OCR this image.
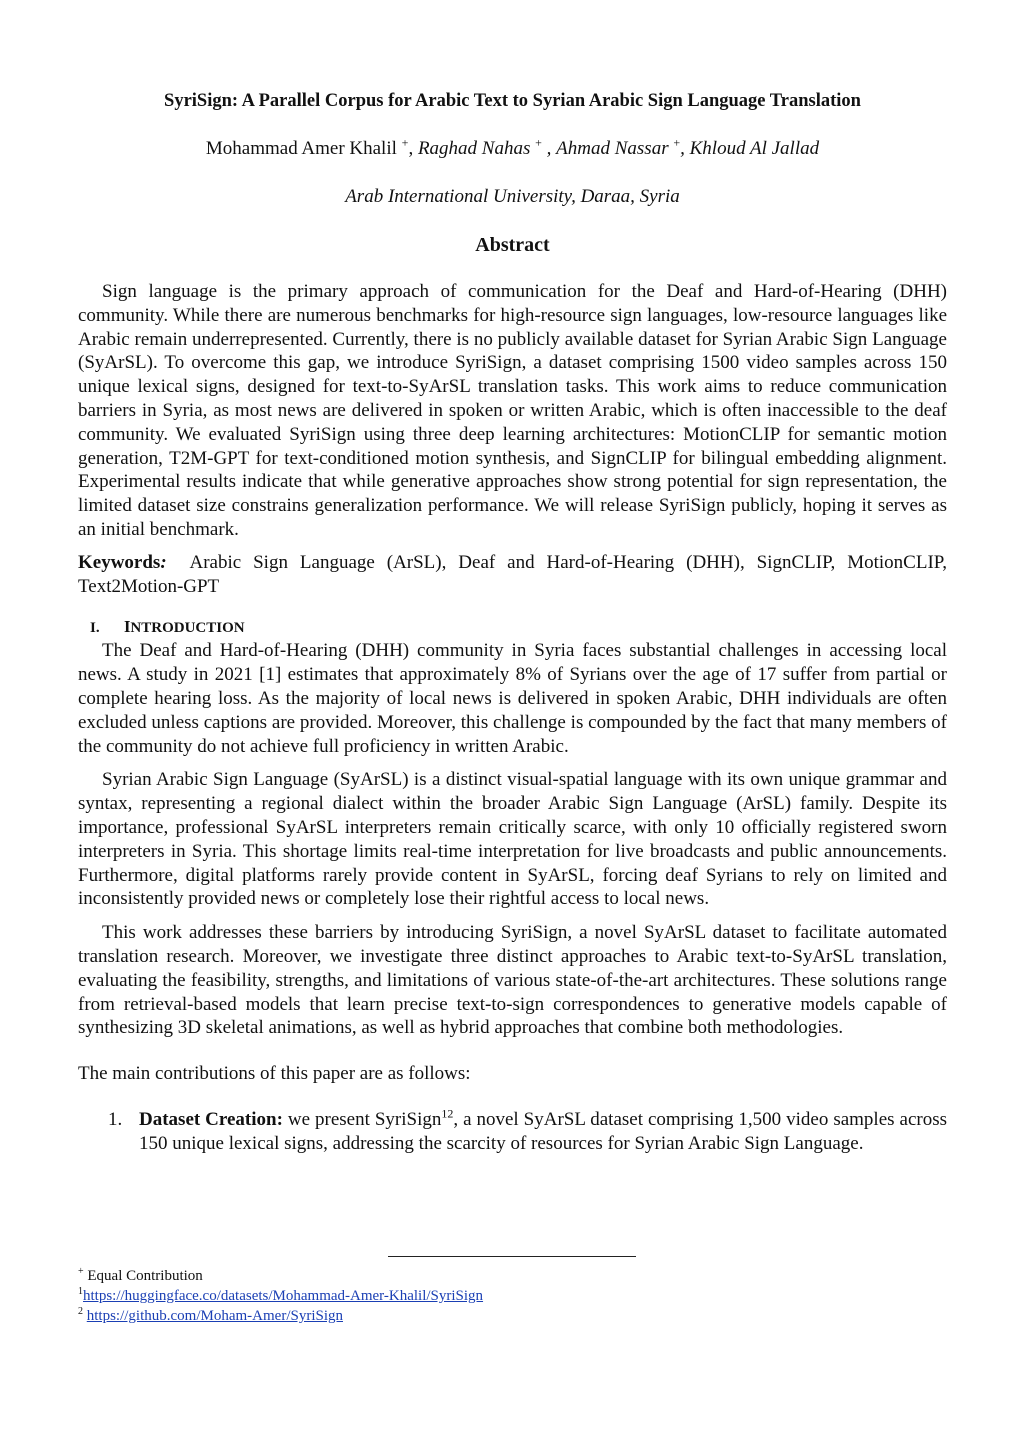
SyriSign: A Parallel Corpus for Arabic Text to Syrian Arabic Sign Language Translation
Mohammad Amer Khalil +, Raghad Nahas + , Ahmad Nassar +, Khloud Al Jallad
Arab International University, Daraa, Syria
Abstract

Sign language is the primary approach of communication for the Deaf and Hard-of-Hearing (DHH) community. While there are numerous benchmarks for high-resource sign languages, low-resource languages like Arabic remain underrepresented. Currently, there is no publicly available dataset for Syrian Arabic Sign Language (SyArSL). To overcome this gap, we introduce SyriSign, a dataset comprising 1500 video samples across 150 unique lexical signs, designed for text-to-SyArSL translation tasks. This work aims to reduce communication barriers in Syria, as most news are delivered in spoken or written Arabic, which is often inaccessible to the deaf community. We evaluated SyriSign using three deep learning architectures: MotionCLIP for semantic motion generation, T2M-GPT for text-conditioned motion synthesis, and SignCLIP for bilingual embedding alignment. Experimental results indicate that while generative approaches show strong potential for sign representation, the limited dataset size constrains generalization performance. We will release SyriSign publicly, hoping it serves as an initial benchmark.

Keywords: Arabic Sign Language (ArSL), Deaf and Hard-of-Hearing (DHH), SignCLIP, MotionCLIP, Text2Motion-GPT
I. INTRODUCTION

The Deaf and Hard-of-Hearing (DHH) community in Syria faces substantial challenges in accessing local news. A study in 2021 [1] estimates that approximately 8% of Syrians over the age of 17 suffer from partial or complete hearing loss. As the majority of local news is delivered in spoken Arabic, DHH individuals are often excluded unless captions are provided. Moreover, this challenge is compounded by the fact that many members of the community do not achieve full proficiency in written Arabic.

Syrian Arabic Sign Language (SyArSL) is a distinct visual-spatial language with its own unique grammar and syntax, representing a regional dialect within the broader Arabic Sign Language (ArSL) family. Despite its importance, professional SyArSL interpreters remain critically scarce, with only 10 officially registered sworn interpreters in Syria. This shortage limits real-time interpretation for live broadcasts and public announcements. Furthermore, digital platforms rarely provide content in SyArSL, forcing deaf Syrians to rely on limited and inconsistently provided news or completely lose their rightful access to local news.

This work addresses these barriers by introducing SyriSign, a novel SyArSL dataset to facilitate automated translation research. Moreover, we investigate three distinct approaches to Arabic text-to-SyArSL translation, evaluating the feasibility, strengths, and limitations of various state-of-the-art architectures. These solutions range from retrieval-based models that learn precise text-to-sign correspondences to generative models capable of synthesizing 3D skeletal animations, as well as hybrid approaches that combine both methodologies.

The main contributions of this paper are as follows:
1. Dataset Creation: we present SyriSign$^{12}$, a novel SyArSL dataset comprising 1,500 video samples across 150 unique lexical signs, addressing the scarcity of resources for Syrian Arabic Sign Language.
+ Equal Contribution
$^1$https://huggingface.co/datasets/Mohammad-Amer-Khalil/SyriSign
$^2$ https://github.com/Moham-Amer/SyriSign
